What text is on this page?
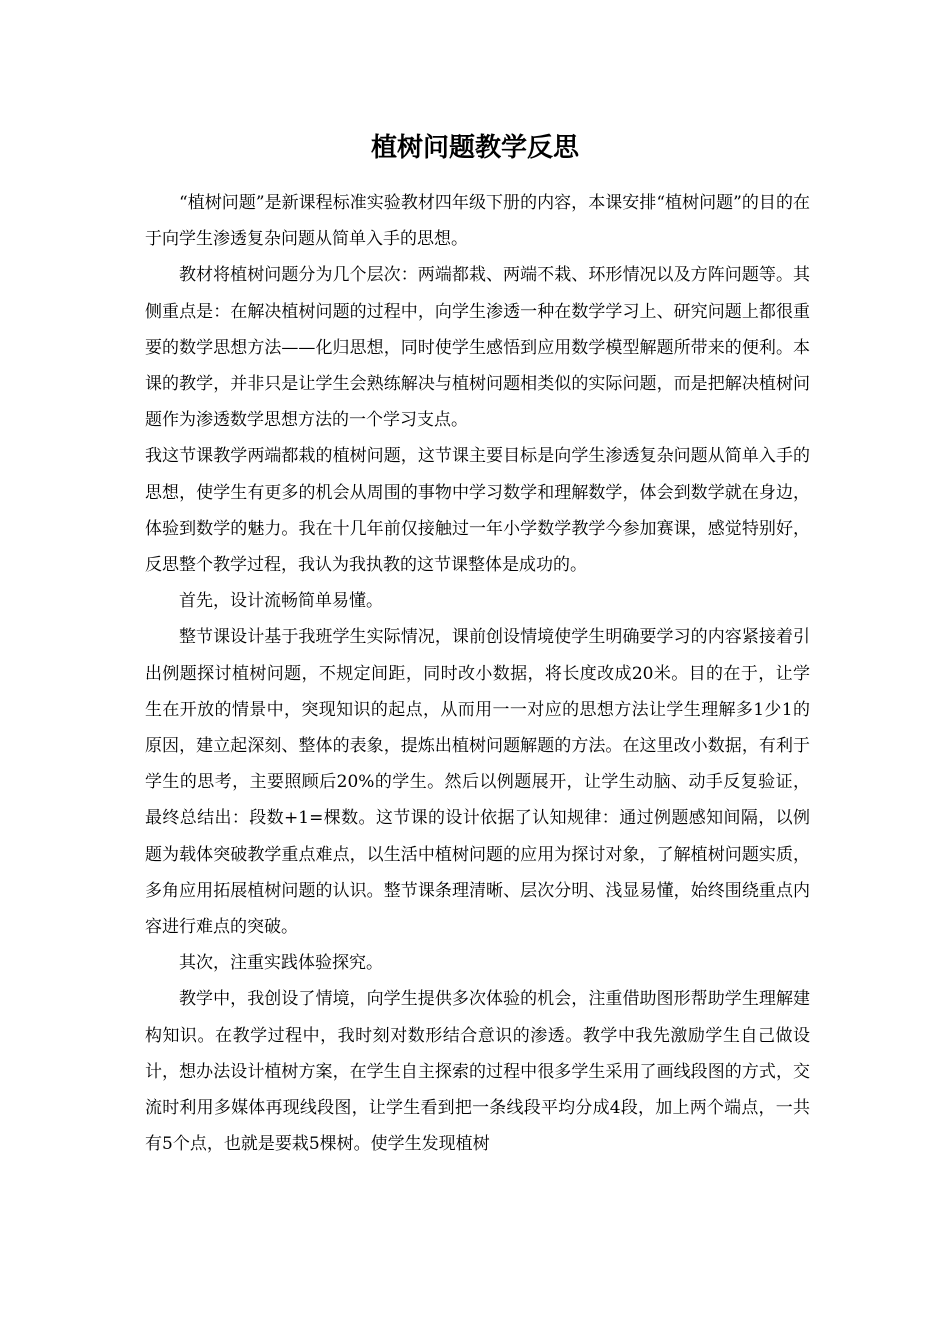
植树问题教学反思

“植树问题”是新课程标准实验教材四年级下册的内容，本课安排“植树问题”的目的在于向学生渗透复杂问题从简单入手的思想。

教材将植树问题分为几个层次：两端都栽、两端不栽、环形情况以及方阵问题等。其侧重点是：在解决植树问题的过程中，向学生渗透一种在数学学习上、研究问题上都很重要的数学思想方法——化归思想，同时使学生感悟到应用数学模型解题所带来的便利。本课的教学，并非只是让学生会熟练解决与植树问题相类似的实际问题，而是把解决植树问题作为渗透数学思想方法的一个学习支点。

我这节课教学两端都栽的植树问题，这节课主要目标是向学生渗透复杂问题从简单入手的思想，使学生有更多的机会从周围的事物中学习数学和理解数学，体会到数学就在身边，体验到数学的魅力。我在十几年前仅接触过一年小学数学教学今参加赛课，感觉特别好，反思整个教学过程，我认为我执教的这节课整体是成功的。

首先，设计流畅简单易懂。

整节课设计基于我班学生实际情况，课前创设情境使学生明确要学习的内容紧接着引出例题探讨植树问题，不规定间距，同时改小数据，将长度改成20米。目的在于，让学生在开放的情景中，突现知识的起点，从而用一一对应的思想方法让学生理解多1少1的原因，建立起深刻、整体的表象，提炼出植树问题解题的方法。在这里改小数据，有利于学生的思考，主要照顾后20%的学生。然后以例题展开，让学生动脑、动手反复验证，最终总结出：段数+1=棵数。这节课的设计依据了认知规律：通过例题感知间隔，以例题为载体突破教学重点难点，以生活中植树问题的应用为探讨对象，了解植树问题实质，多角应用拓展植树问题的认识。整节课条理清晰、层次分明、浅显易懂，始终围绕重点内容进行难点的突破。

其次，注重实践体验探究。

教学中，我创设了情境，向学生提供多次体验的机会，注重借助图形帮助学生理解建构知识。在教学过程中，我时刻对数形结合意识的渗透。教学中我先激励学生自己做设计，想办法设计植树方案，在学生自主探索的过程中很多学生采用了画线段图的方式，交流时利用多媒体再现线段图，让学生看到把一条线段平均分成4段，加上两个端点，一共有5个点，也就是要栽5棵树。使学生发现植树
